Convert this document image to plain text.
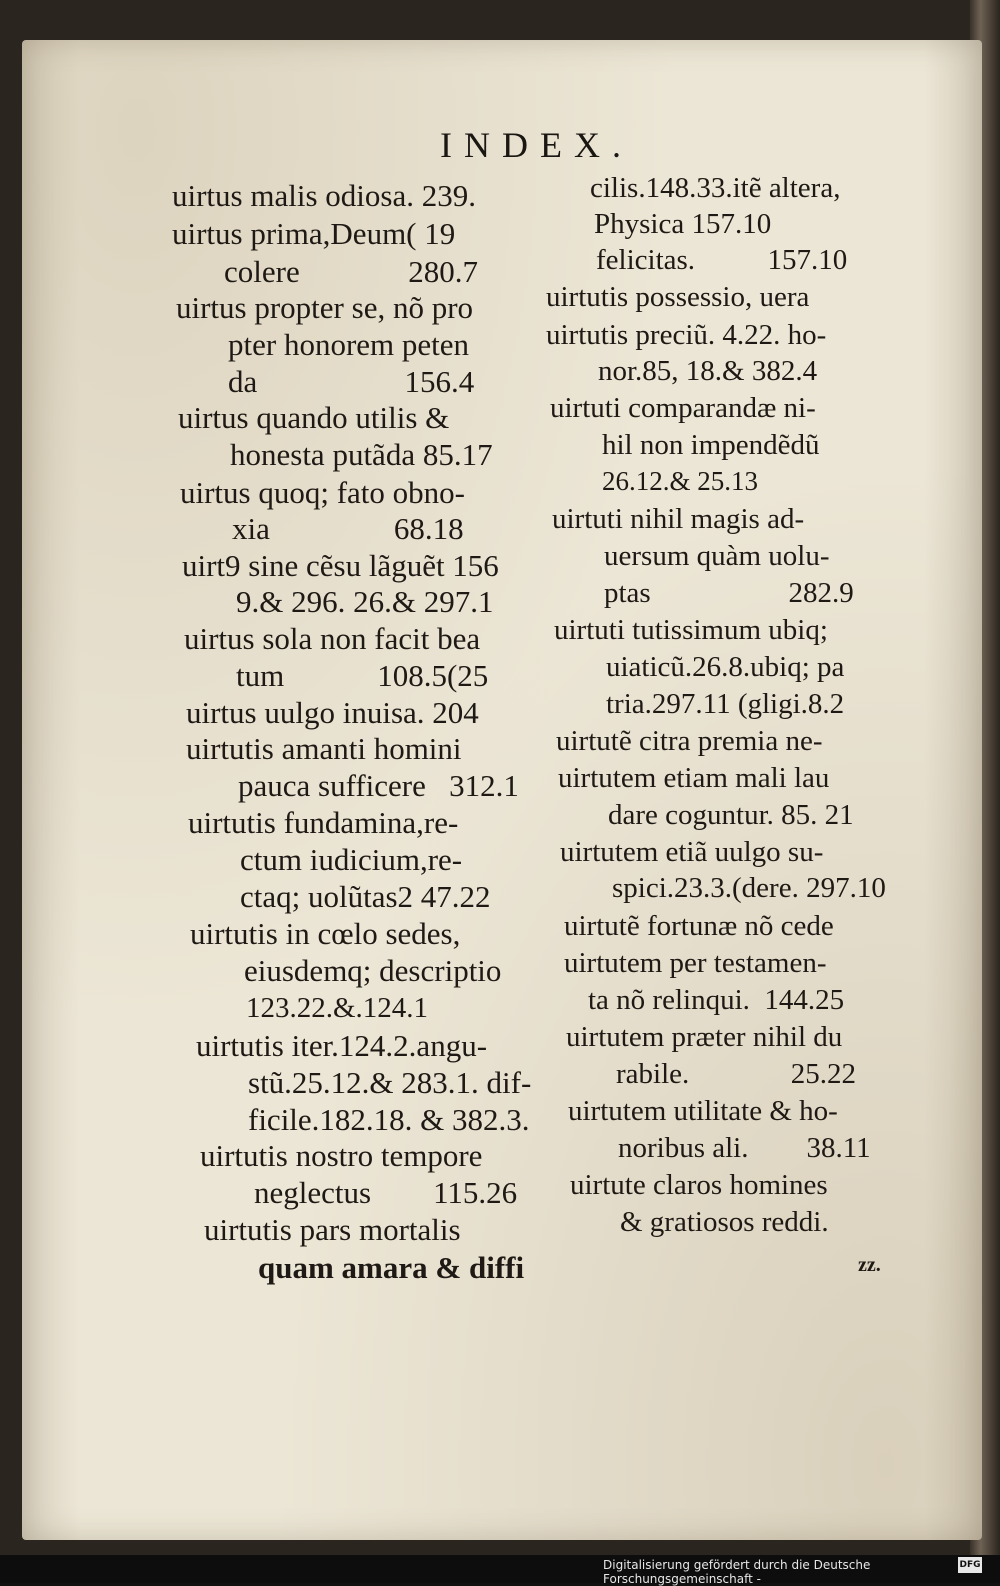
INDEX.
uirtus malis odiosa. 239.
uirtus prima,Deum( 19
colere              280.7
uirtus propter se, nõ pro
pter honorem peten
da                   156.4
uirtus quando utilis &
honesta putãda 85.17
uirtus quoq; fato obno-
xia                68.18
uirt9 sine cẽsu lãguẽt 156
9.& 296. 26.& 297.1
uirtus sola non facit bea
tum            108.5(25
uirtus uulgo inuisa. 204
uirtutis amanti homini
pauca sufficere   312.1
uirtutis fundamina,re-
ctum iudicium,re-
ctaq; uolũtas2 47.22
uirtutis in cœlo sedes,
eiusdemq; descriptio
123.22.&.124.1
uirtutis iter.124.2.angu-
stũ.25.12.& 283.1. dif-
ficile.182.18. & 382.3.
uirtutis nostro tempore
neglectus        115.26
uirtutis pars mortalis
quam amara & diffi
cilis.148.33.itẽ altera,
Physica 157.10
felicitas.          157.10
uirtutis possessio, uera
uirtutis preciũ. 4.22. ho-
nor.85, 18.& 382.4
uirtuti comparandæ ni-
hil non impendẽdũ
26.12.& 25.13
uirtuti nihil magis ad-
uersum quàm uolu-
ptas                   282.9
uirtuti tutissimum ubiq;
uiaticũ.26.8.ubiq; pa
tria.297.11 (gligi.8.2
uirtutẽ citra premia ne-
uirtutem etiam mali lau
dare coguntur. 85. 21
uirtutem etiã uulgo su-
spici.23.3.(dere. 297.10
uirtutẽ fortunæ nõ cede
uirtutem per testamen-
ta nõ relinqui.  144.25
uirtutem præter nihil du
rabile.              25.22
uirtutem utilitate & ho-
noribus ali.        38.11
uirtute claros homines
& gratiosos reddi.
zz.
Digitalisierung gefördert durch die Deutsche Forschungsgemeinschaft -
DFG
